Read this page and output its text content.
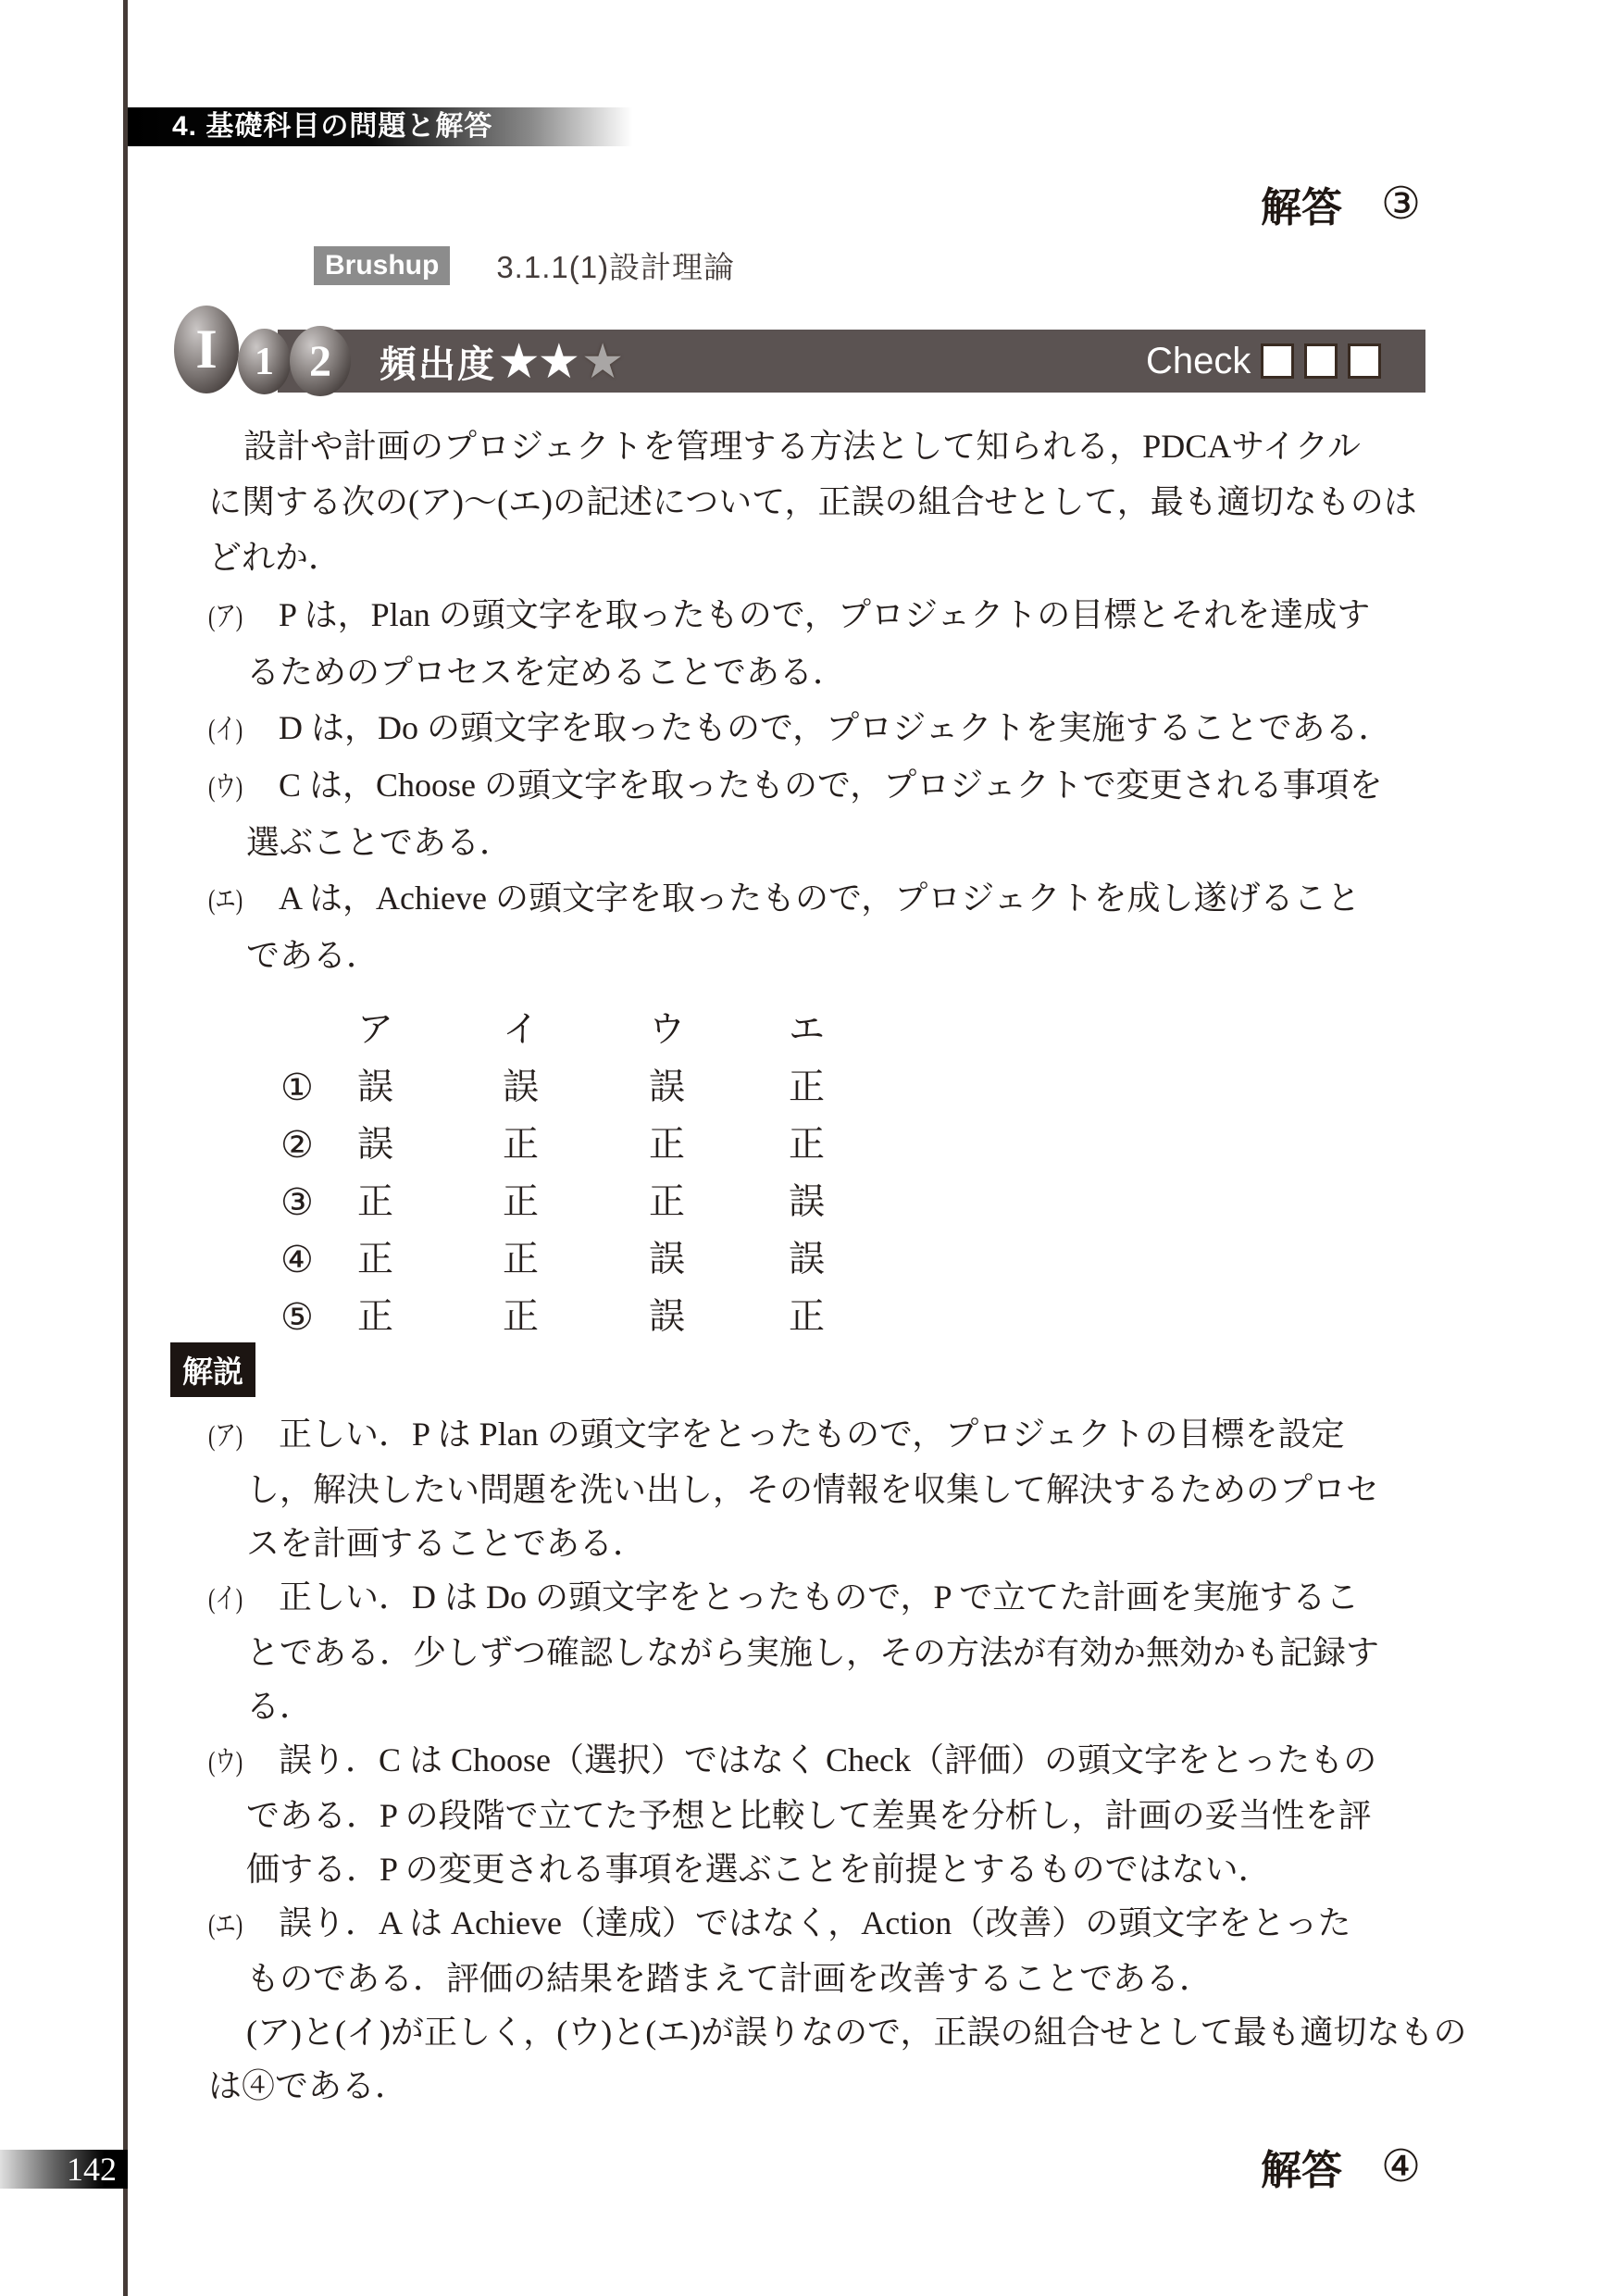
4. 基礎科目の問題と解答
解答 ③
Brushup	3.1.1(1)設計理論
頻出度 ★★ ★	Check
I 1 2
設計や計画のプロジェクトを管理する方法として知られる，PDCAサイクル
に関する次の(ア)～(エ)の記述について，正誤の組合せとして，最も適切なものは
どれか．
(ア) P は，Plan の頭文字を取ったもので，プロジェクトの目標とそれを達成す
るためのプロセスを定めることである．
(イ) D は，Do の頭文字を取ったもので，プロジェクトを実施することである．
(ウ) C は，Choose の頭文字を取ったもので，プロジェクトで変更される事項を
選ぶことである．
(エ) A は，Achieve の頭文字を取ったもので，プロジェクトを成し遂げること
である．
ア	イ	ウ	エ
①	誤	誤	誤	正
②	誤	正	正	正
③	正	正	正	誤
④	正	正	誤	誤
⑤	正	正	誤	正
解説
(ア) 正しい．P は Plan の頭文字をとったもので，プロジェクトの目標を設定
し，解決したい問題を洗い出し，その情報を収集して解決するためのプロセ
スを計画することである．
(イ) 正しい．D は Do の頭文字をとったもので，P で立てた計画を実施するこ
とである．少しずつ確認しながら実施し，その方法が有効か無効かも記録す
る．
(ウ) 誤り．C は Choose（選択）ではなく Check（評価）の頭文字をとったもの
である．P の段階で立てた予想と比較して差異を分析し，計画の妥当性を評
価する．P の変更される事項を選ぶことを前提とするものではない．
(エ) 誤り．A は Achieve（達成）ではなく，Action（改善）の頭文字をとった
ものである．評価の結果を踏まえて計画を改善することである．
(ア)と(イ)が正しく，(ウ)と(エ)が誤りなので，正誤の組合せとして最も適切なもの
は④である．
解答 ④
142
